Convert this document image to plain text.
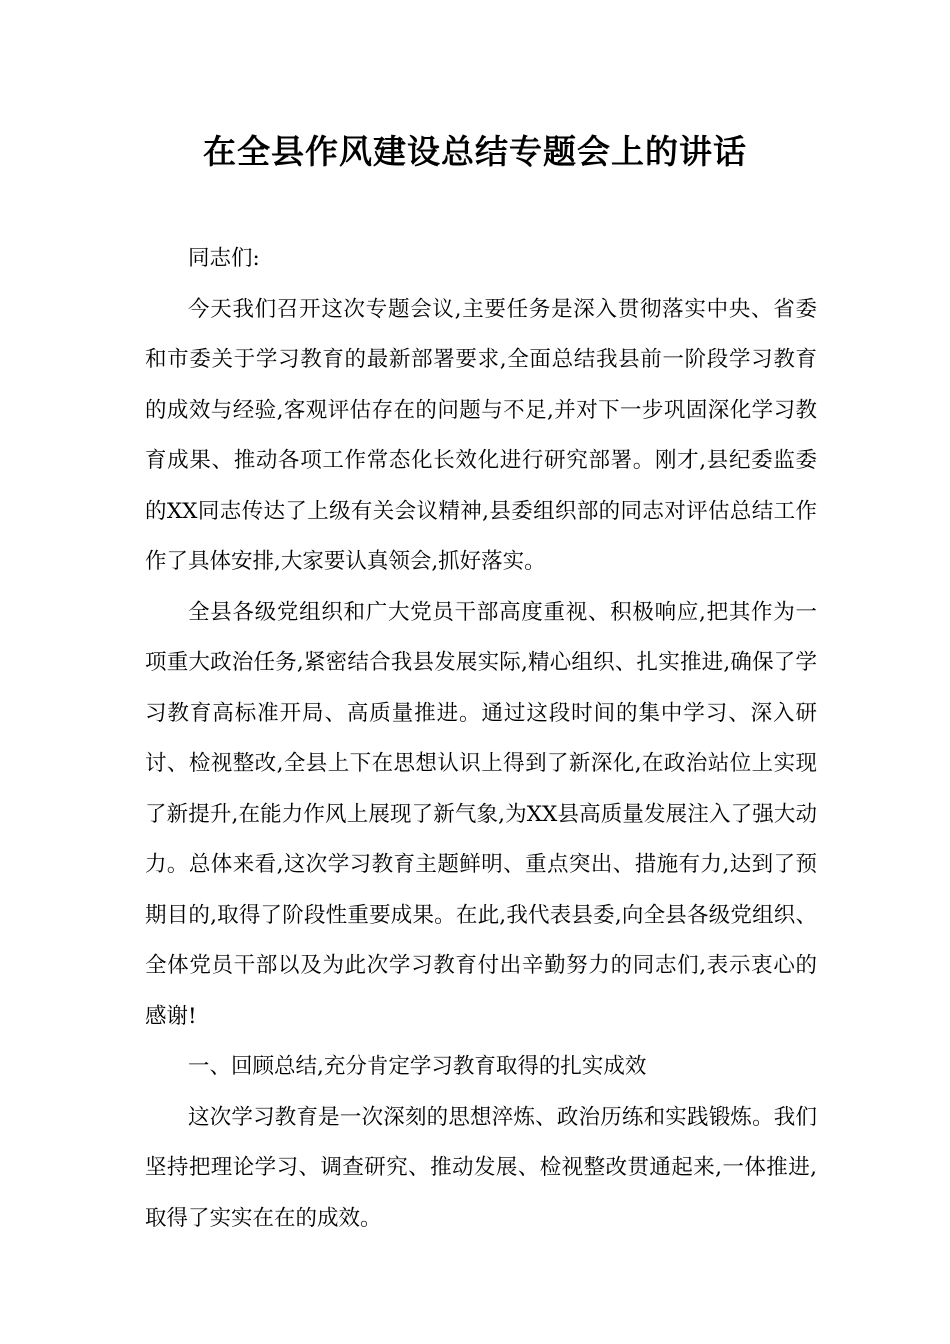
在全县作风建设总结专题会上的讲话

同志们:

今天我们召开这次专题会议,主要任务是深入贯彻落实中央、省委和市委关于学习教育的最新部署要求,全面总结我县前一阶段学习教育的成效与经验,客观评估存在的问题与不足,并对下一步巩固深化学习教育成果、推动各项工作常态化长效化进行研究部署。刚才,县纪委监委的XX同志传达了上级有关会议精神,县委组织部的同志对评估总结工作作了具体安排,大家要认真领会,抓好落实。

全县各级党组织和广大党员干部高度重视、积极响应,把其作为一项重大政治任务,紧密结合我县发展实际,精心组织、扎实推进,确保了学习教育高标准开局、高质量推进。通过这段时间的集中学习、深入研讨、检视整改,全县上下在思想认识上得到了新深化,在政治站位上实现了新提升,在能力作风上展现了新气象,为XX县高质量发展注入了强大动力。总体来看,这次学习教育主题鲜明、重点突出、措施有力,达到了预期目的,取得了阶段性重要成果。在此,我代表县委,向全县各级党组织、全体党员干部以及为此次学习教育付出辛勤努力的同志们,表示衷心的感谢!

一、回顾总结,充分肯定学习教育取得的扎实成效

这次学习教育是一次深刻的思想淬炼、政治历练和实践锻炼。我们坚持把理论学习、调查研究、推动发展、检视整改贯通起来,一体推进,取得了实实在在的成效。
